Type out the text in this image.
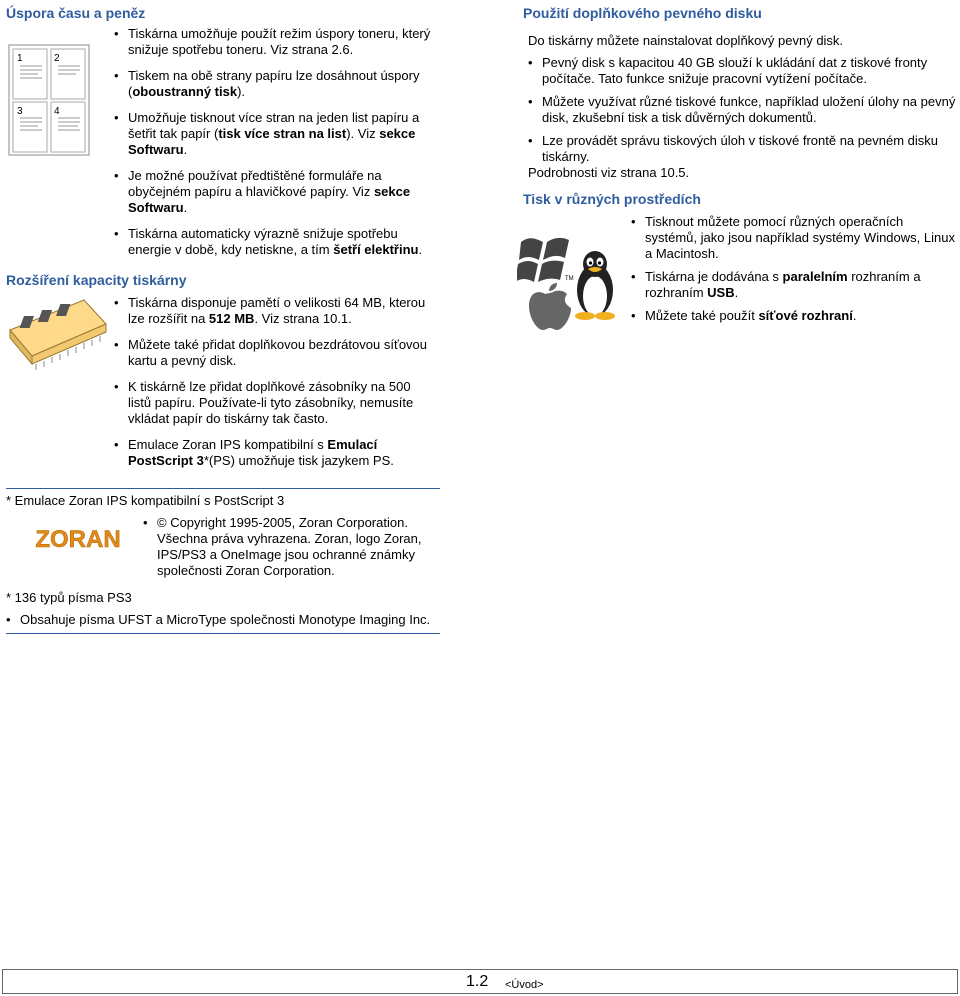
Úspora času a peněz
1	2
3	4
• Tiskárna umožňuje použít režim úspory toneru, který snižuje spotřebu toneru. Viz strana 2.6.
• Tiskem na obě strany papíru lze dosáhnout úspory (oboustranný tisk).
• Umožňuje tisknout více stran na jeden list papíru a šetřit tak papír (tisk více stran na list). Viz sekce Softwaru.
• Je možné používat předtištěné formuláře na obyčejném papíru a hlavičkové papíry. Viz sekce Softwaru.
• Tiskárna automaticky výrazně snižuje spotřebu energie v době, kdy netiskne, a tím šetří elektřinu.
Rozšíření kapacity tiskárny
• Tiskárna disponuje pamětí o velikosti 64 MB, kterou lze rozšířit na 512 MB. Viz strana 10.1.
• Můžete také přidat doplňkovou bezdrátovou síťovou kartu a pevný disk.
• K tiskárně lze přidat doplňkové zásobníky na 500 listů papíru. Používate-li tyto zásobníky, nemusíte vkládat papír do tiskárny tak často.
• Emulace Zoran IPS kompatibilní s Emulací PostScript 3*(PS) umožňuje tisk jazykem PS.
* Emulace Zoran IPS kompatibilní s PostScript 3
ZORAN
• © Copyright 1995-2005, Zoran Corporation. Všechna práva vyhrazena. Zoran, logo Zoran, IPS/PS3 a OneImage jsou ochranné známky společnosti Zoran Corporation.
* 136 typů písma PS3
• Obsahuje písma UFST a MicroType společnosti Monotype Imaging Inc.
Použití doplňkového pevného disku
Do tiskárny můžete nainstalovat doplňkový pevný disk.
• Pevný disk s kapacitou 40 GB slouží k ukládání dat z tiskové fronty počítače. Tato funkce snižuje pracovní vytížení počítače.
• Můžete využívat různé tiskové funkce, například uložení úlohy na pevný disk, zkušební tisk a tisk důvěrných dokumentů.
• Lze provádět správu tiskových úloh v tiskové frontě na pevném disku tiskárny.
Podrobnosti viz strana 10.5.
Tisk v různých prostředích
TM
• Tisknout můžete pomocí různých operačních systémů, jako jsou například systémy Windows, Linux a Macintosh.
• Tiskárna je dodávána s paralelním rozhraním a rozhraním USB.
• Můžete také použít síťové rozhraní.
1.2 <Úvod>
